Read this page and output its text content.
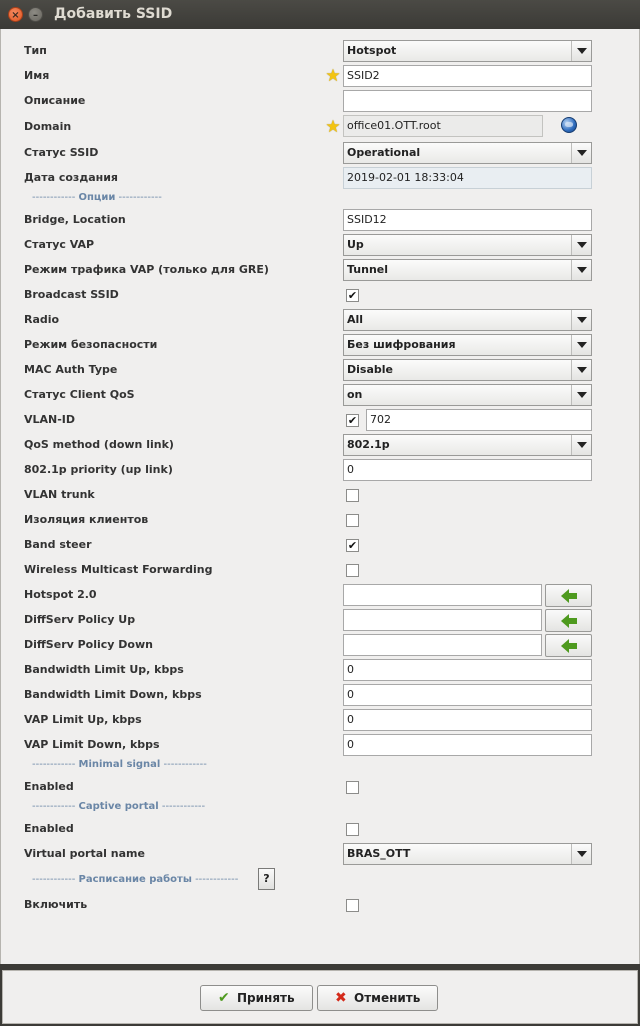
×	–	Добавить SSID
Тип	Hotspot
Имя	★ SSID2
Описание
Domain	★ office01.OTT.root
Статус SSID	Operational
Дата создания	2019-02-01 18:33:04
------------ Опции ------------
Bridge, Location	SSID12
Статус VAP	Up
Режим трафика VAP (только для GRE)	Tunnel
Broadcast SSID	✔
Radio	All
Режим безопасности	Без шифрования
MAC Auth Type	Disable
Статус Client QoS	on
VLAN-ID	✔	702
QoS method (down link)	802.1p
802.1p priority (up link)	0
VLAN trunk
Изоляция клиентов
Band steer	✔
Wireless Multicast Forwarding
Hotspot 2.0
DiffServ Policy Up
DiffServ Policy Down
Bandwidth Limit Up, kbps	0
Bandwidth Limit Down, kbps	0
VAP Limit Up, kbps	0
VAP Limit Down, kbps	0
------------ Minimal signal ------------
Enabled
------------ Captive portal ------------
Enabled
Virtual portal name	BRAS_OTT
------------ Расписание работы ------------	?
Включить
✔ Принять	✖ Отменить
